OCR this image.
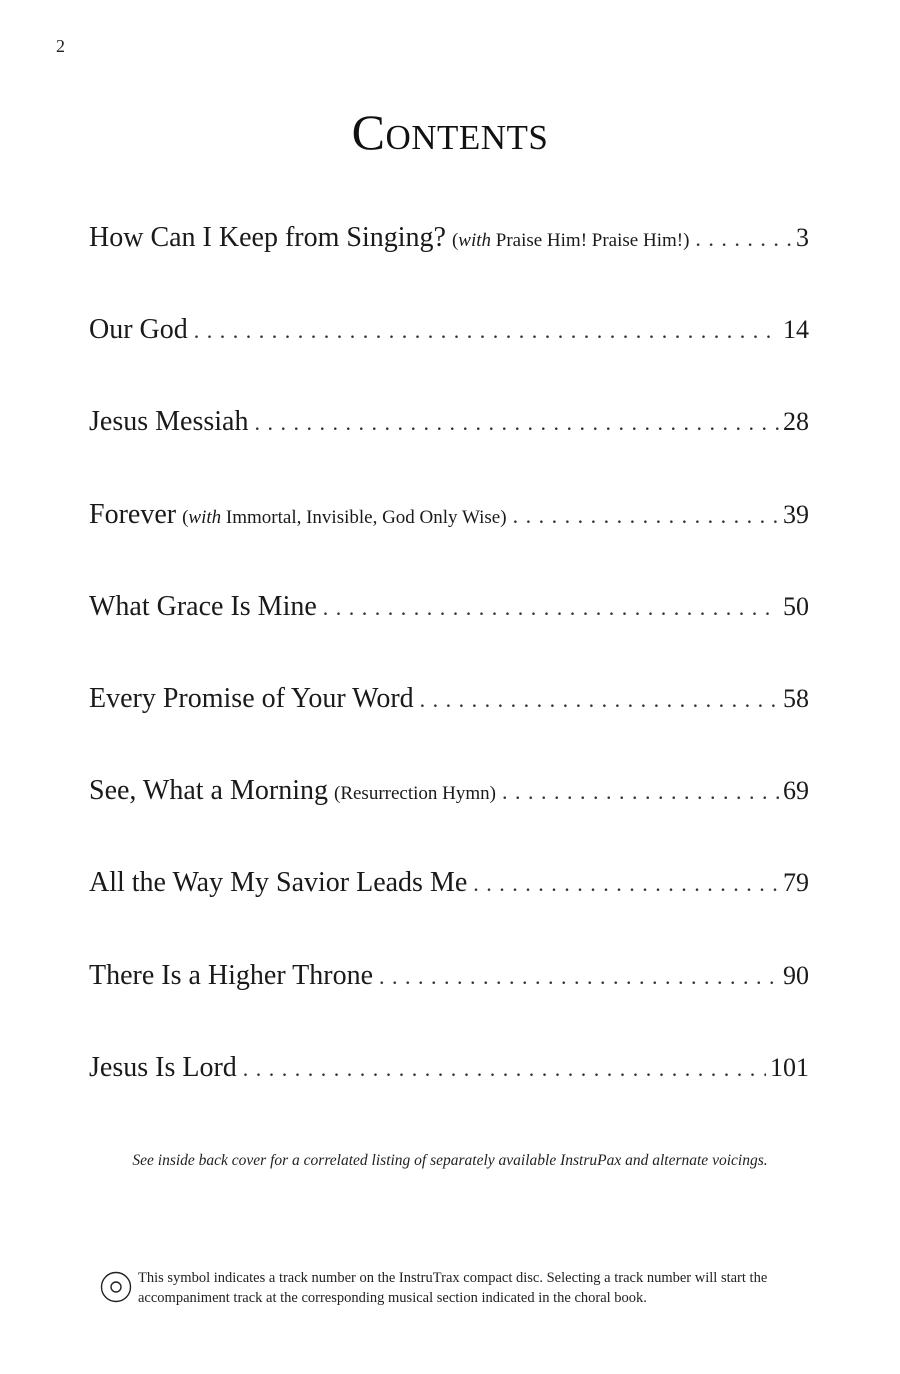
2
Contents
How Can I Keep from Singing? (with Praise Him! Praise Him!) . . .	3
Our God . . .	14
Jesus Messiah . . .	28
Forever (with Immortal, Invisible, God Only Wise) . . .	39
What Grace Is Mine . . .	50
Every Promise of Your Word . . .	58
See, What a Morning (Resurrection Hymn) . . .	69
All the Way My Savior Leads Me . . .	79
There Is a Higher Throne . . .	90
Jesus Is Lord . . .	101

See inside back cover for a correlated listing of separately available InstruPax and alternate voicings.

This symbol indicates a track number on the InstruTrax compact disc. Selecting a track number will start the accompaniment track at the corresponding musical section indicated in the choral book.
